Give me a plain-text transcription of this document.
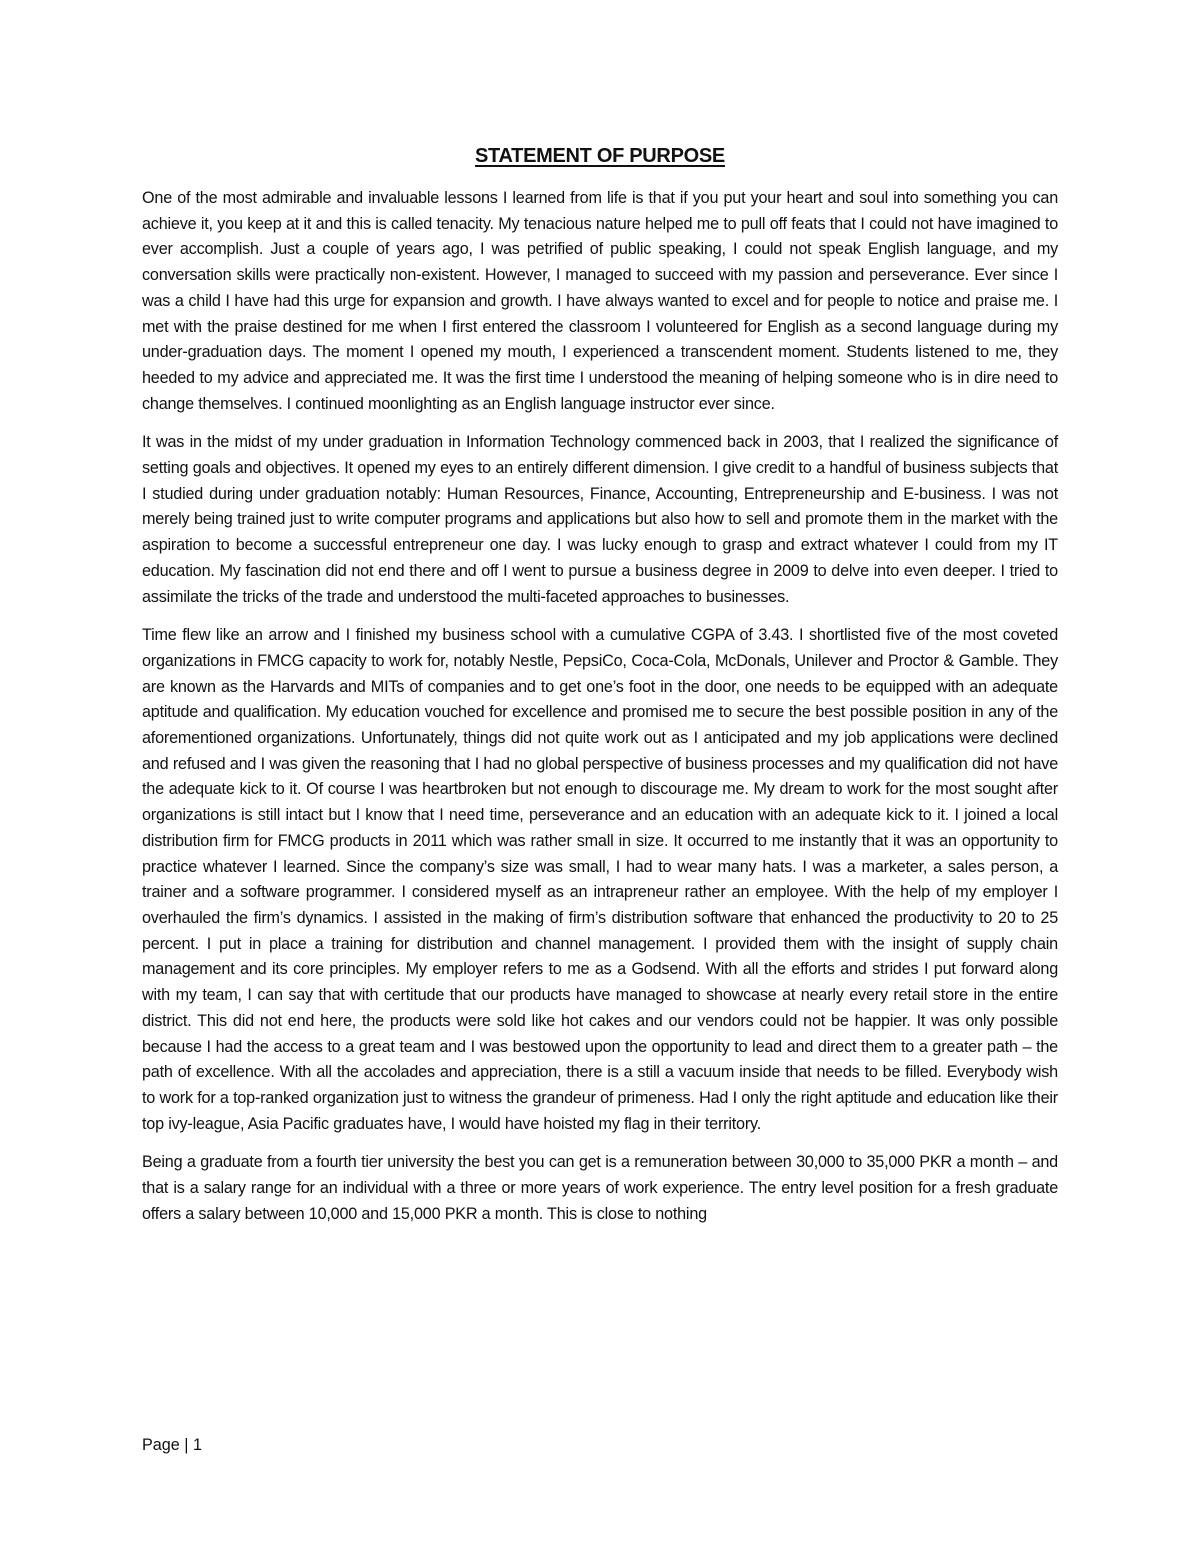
STATEMENT OF PURPOSE

One of the most admirable and invaluable lessons I learned from life is that if you put your heart and soul into something you can achieve it, you keep at it and this is called tenacity. My tenacious nature helped me to pull off feats that I could not have imagined to ever accomplish. Just a couple of years ago, I was petrified of public speaking, I could not speak English language, and my conversation skills were practically non-existent. However, I managed to succeed with my passion and perseverance. Ever since I was a child I have had this urge for expansion and growth. I have always wanted to excel and for people to notice and praise me. I met with the praise destined for me when I first entered the classroom I volunteered for English as a second language during my under-graduation days. The moment I opened my mouth, I experienced a transcendent moment. Students listened to me, they heeded to my advice and appreciated me. It was the first time I understood the meaning of helping someone who is in dire need to change themselves. I continued moonlighting as an English language instructor ever since.

It was in the midst of my under graduation in Information Technology commenced back in 2003, that I realized the significance of setting goals and objectives. It opened my eyes to an entirely different dimension. I give credit to a handful of business subjects that I studied during under graduation notably: Human Resources, Finance, Accounting, Entrepreneurship and E-business. I was not merely being trained just to write computer programs and applications but also how to sell and promote them in the market with the aspiration to become a successful entrepreneur one day. I was lucky enough to grasp and extract whatever I could from my IT education. My fascination did not end there and off I went to pursue a business degree in 2009 to delve into even deeper. I tried to assimilate the tricks of the trade and understood the multi-faceted approaches to businesses.

Time flew like an arrow and I finished my business school with a cumulative CGPA of 3.43. I shortlisted five of the most coveted organizations in FMCG capacity to work for, notably Nestle, PepsiCo, Coca-Cola, McDonals, Unilever and Proctor & Gamble. They are known as the Harvards and MITs of companies and to get one’s foot in the door, one needs to be equipped with an adequate aptitude and qualification. My education vouched for excellence and promised me to secure the best possible position in any of the aforementioned organizations. Unfortunately, things did not quite work out as I anticipated and my job applications were declined and refused and I was given the reasoning that I had no global perspective of business processes and my qualification did not have the adequate kick to it. Of course I was heartbroken but not enough to discourage me. My dream to work for the most sought after organizations is still intact but I know that I need time, perseverance and an education with an adequate kick to it. I joined a local distribution firm for FMCG products in 2011 which was rather small in size. It occurred to me instantly that it was an opportunity to practice whatever I learned. Since the company’s size was small, I had to wear many hats. I was a marketer, a sales person, a trainer and a software programmer. I considered myself as an intrapreneur rather an employee. With the help of my employer I overhauled the firm’s dynamics. I assisted in the making of firm’s distribution software that enhanced the productivity to 20 to 25 percent. I put in place a training for distribution and channel management. I provided them with the insight of supply chain management and its core principles. My employer refers to me as a Godsend. With all the efforts and strides I put forward along with my team, I can say that with certitude that our products have managed to showcase at nearly every retail store in the entire district. This did not end here, the products were sold like hot cakes and our vendors could not be happier. It was only possible because I had the access to a great team and I was bestowed upon the opportunity to lead and direct them to a greater path – the path of excellence. With all the accolades and appreciation, there is a still a vacuum inside that needs to be filled. Everybody wish to work for a top-ranked organization just to witness the grandeur of primeness. Had I only the right aptitude and education like their top ivy-league, Asia Pacific graduates have, I would have hoisted my flag in their territory.

Being a graduate from a fourth tier university the best you can get is a remuneration between 30,000 to 35,000 PKR a month – and that is a salary range for an individual with a three or more years of work experience. The entry level position for a fresh graduate offers a salary between 10,000 and 15,000 PKR a month. This is close to nothing

Page | 1
